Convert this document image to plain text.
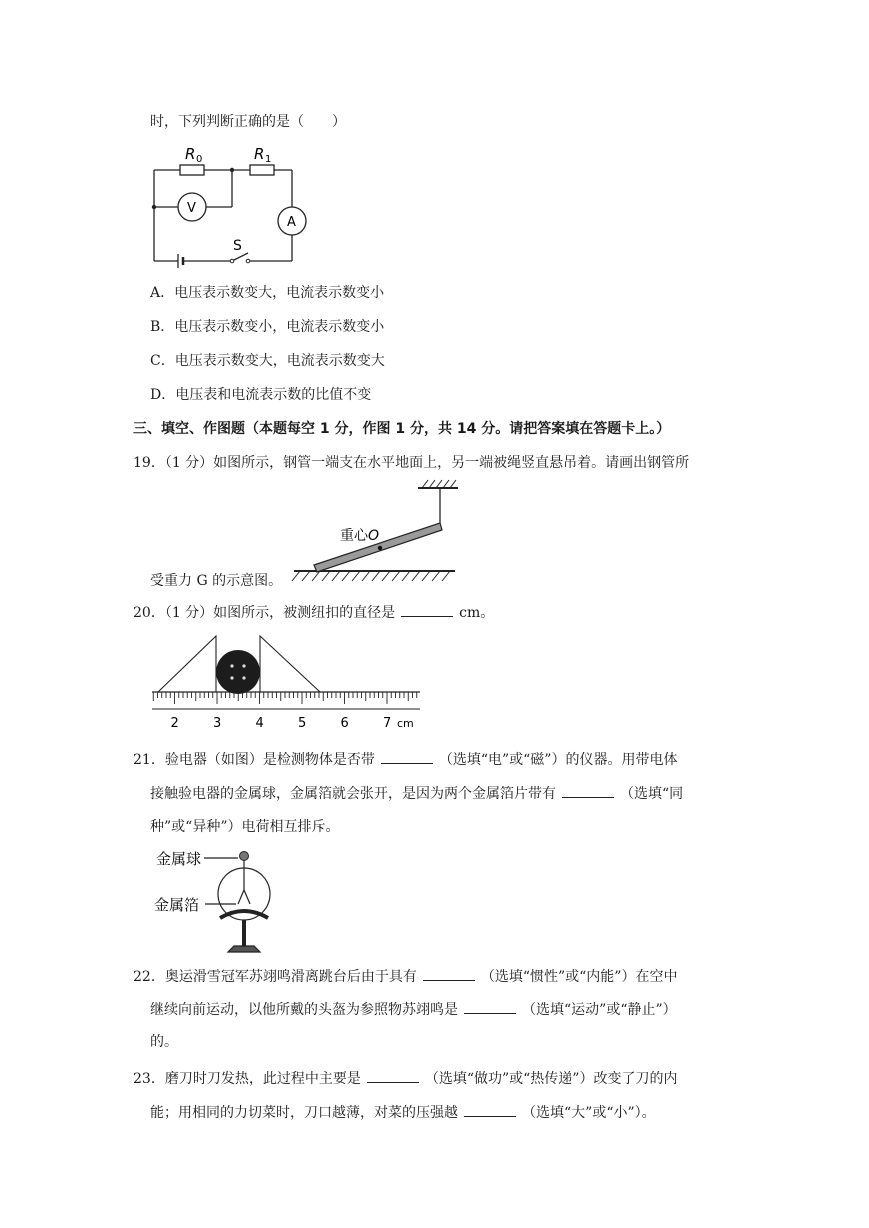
时，下列判断正确的是（　　）
R 0	R 1
V
A
S
A．电压表示数变大，电流表示数变小
B．电压表示数变小，电流表示数变小
C．电压表示数变大，电流表示数变大
D．电压表和电流表示数的比值不变
三、填空、作图题（本题每空 1 分，作图 1 分，共 14 分。请把答案填在答题卡上。）
19．（1 分）如图所示，钢管一端支在水平地面上，另一端被绳竖直悬吊着。请画出钢管所
重心O
受重力 G 的示意图。
20．（1 分）如图所示，被测纽扣的直径是	cm。
2	3	4	5	6	7 cm
21．验电器（如图）是检测物体是否带	（选填“电”或“磁”）的仪器。用带电体
接触验电器的金属球，金属箔就会张开，是因为两个金属箔片带有	（选填“同
种”或“异种”）电荷相互排斥。
金属球
金属箔
22．奥运滑雪冠军苏翊鸣滑离跳台后由于具有	（选填“惯性”或“内能”）在空中
继续向前运动，以他所戴的头盔为参照物苏翊鸣是	（选填“运动”或“静止”）
的。
23．磨刀时刀发热，此过程中主要是	（选填“做功”或“热传递”）改变了刀的内
能；用相同的力切菜时，刀口越薄，对菜的压强越	（选填“大”或“小”）。
